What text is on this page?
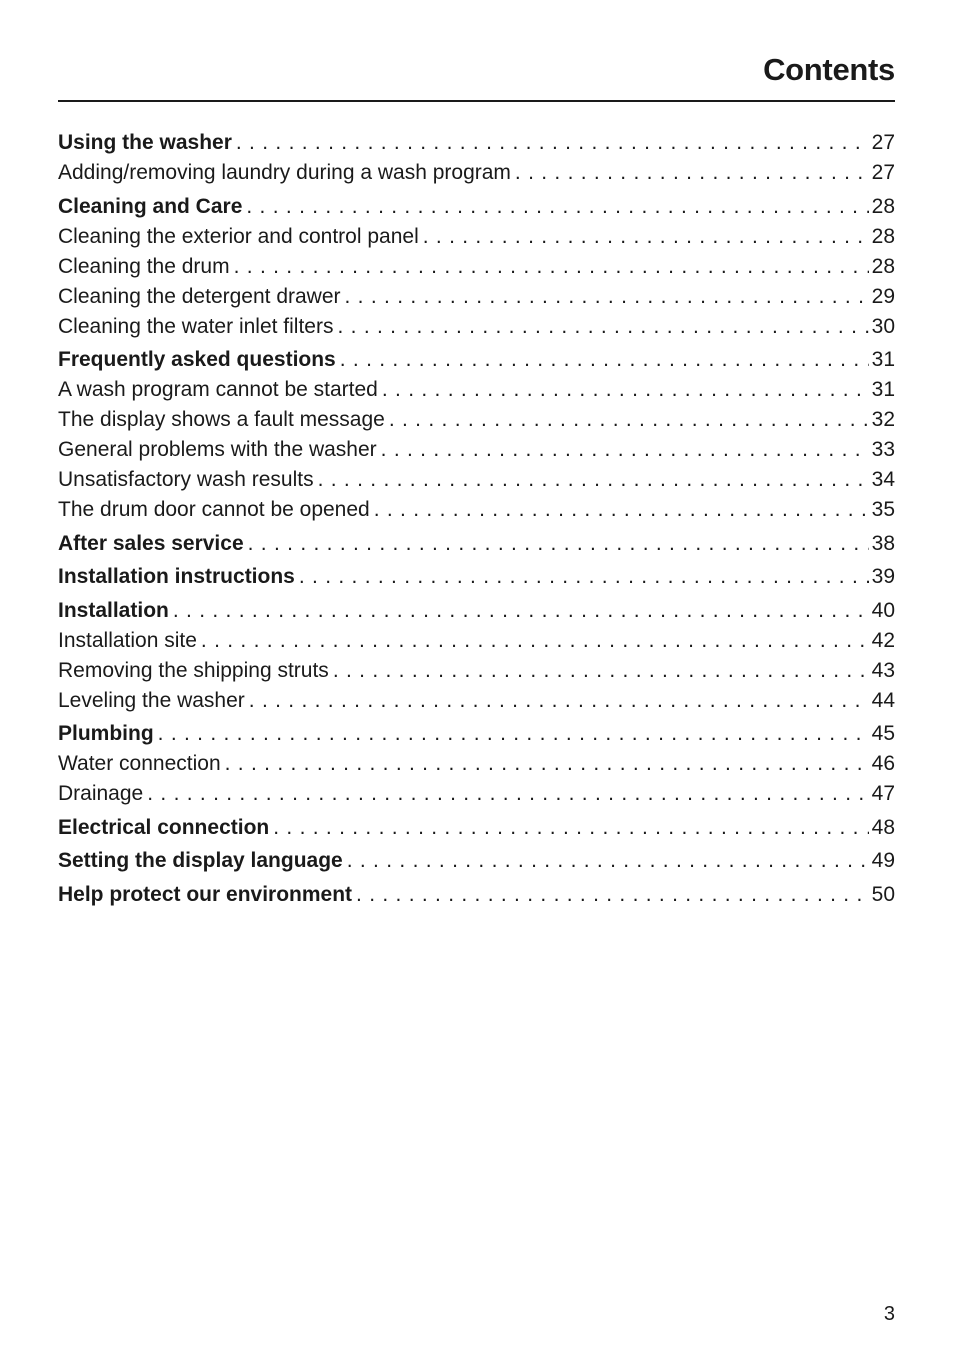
Contents
Using the washer . . .	27
Adding/removing laundry during a wash program . . .	27
Cleaning and Care . . .	28
Cleaning the exterior and control panel . . .	28
Cleaning the drum . . .	28
Cleaning the detergent drawer . . .	29
Cleaning the water inlet filters . . .	30
Frequently asked questions . . .	31
A wash program cannot be started . . .	31
The display shows a fault message . . .	32
General problems with the washer . . .	33
Unsatisfactory wash results . . .	34
The drum door cannot be opened . . .	35
After sales service . . .	38
Installation instructions . . .	39
Installation . . .	40
Installation site . . .	42
Removing the shipping struts . . .	43
Leveling the washer . . .	44
Plumbing . . .	45
Water connection . . .	46
Drainage . . .	47
Electrical connection . . .	48
Setting the display language . . .	49
Help protect our environment . . .	50
3
